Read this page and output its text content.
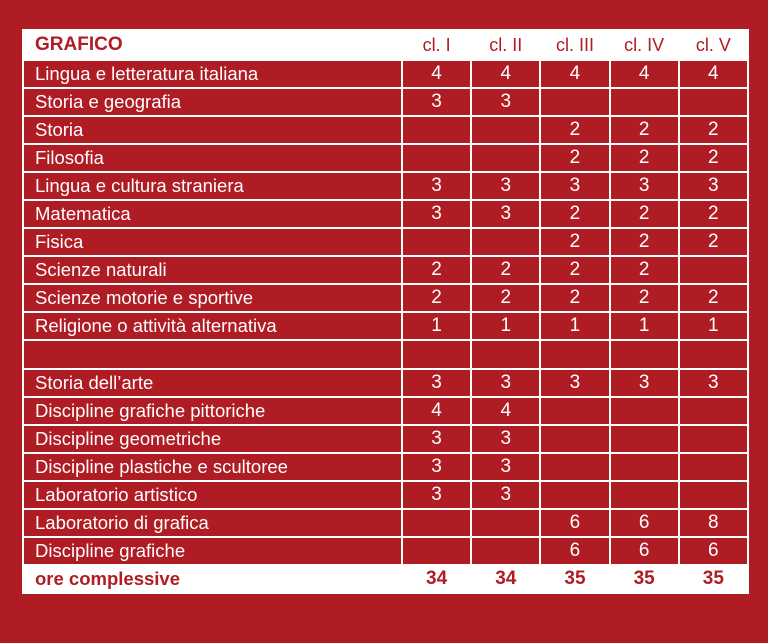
GRAFICO	cl. I	cl. II	cl. III	cl. IV	cl. V
Lingua e letteratura italiana	4	4	4	4	4
Storia e geografia	3	3			
Storia			2	2	2
Filosofia			2	2	2
Lingua e cultura straniera	3	3	3	3	3
Matematica	3	3	2	2	2
Fisica			2	2	2
Scienze naturali	2	2	2	2	
Scienze motorie e sportive	2	2	2	2	2
Religione o attività alternativa	1	1	1	1	1

Storia dell’arte	3	3	3	3	3
Discipline grafiche pittoriche	4	4			
Discipline geometriche	3	3			
Discipline plastiche e scultoree	3	3			
Laboratorio artistico	3	3			
Laboratorio di grafica			6	6	8
Discipline grafiche			6	6	6
ore complessive	34	34	35	35	35
